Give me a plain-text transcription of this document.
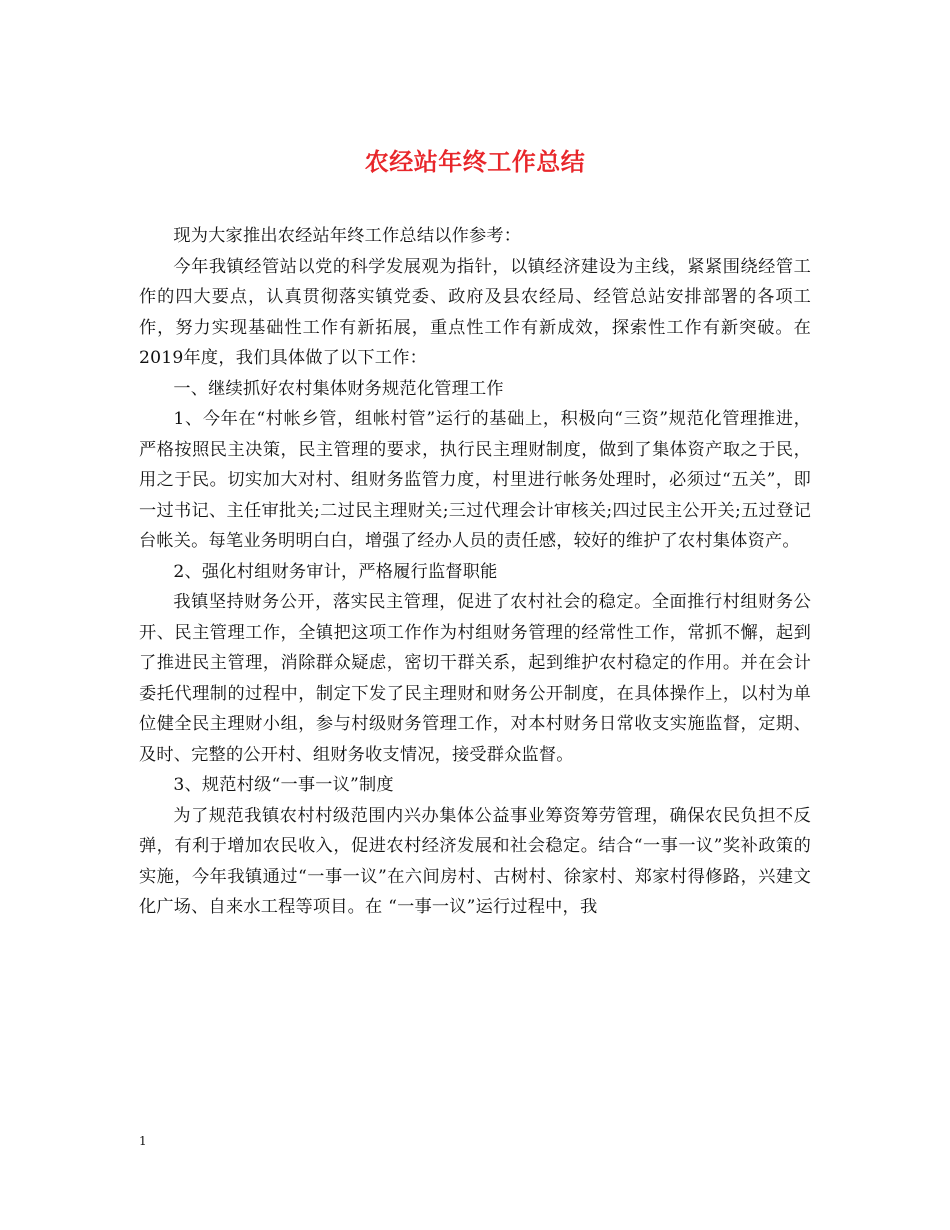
农经站年终工作总结

现为大家推出农经站年终工作总结以作参考：

今年我镇经管站以党的科学发展观为指针，以镇经济建设为主线，紧紧围绕经管工作的四大要点，认真贯彻落实镇党委、政府及县农经局、经管总站安排部署的各项工作，努力实现基础性工作有新拓展，重点性工作有新成效，探索性工作有新突破。在2019年度，我们具体做了以下工作：

一、继续抓好农村集体财务规范化管理工作

1、今年在“村帐乡管，组帐村管”运行的基础上，积极向“三资”规范化管理推进，严格按照民主决策，民主管理的要求，执行民主理财制度，做到了集体资产取之于民，用之于民。切实加大对村、组财务监管力度，村里进行帐务处理时，必须过“五关”，即一过书记、主任审批关;二过民主理财关;三过代理会计审核关;四过民主公开关;五过登记台帐关。每笔业务明明白白，增强了经办人员的责任感，较好的维护了农村集体资产。

2、强化村组财务审计，严格履行监督职能

我镇坚持财务公开，落实民主管理，促进了农村社会的稳定。全面推行村组财务公开、民主管理工作，全镇把这项工作作为村组财务管理的经常性工作，常抓不懈，起到了推进民主管理，消除群众疑虑，密切干群关系，起到维护农村稳定的作用。并在会计委托代理制的过程中，制定下发了民主理财和财务公开制度，在具体操作上，以村为单位健全民主理财小组，参与村级财务管理工作，对本村财务日常收支实施监督，定期、及时、完整的公开村、组财务收支情况，接受群众监督。

3、规范村级“一事一议”制度

为了规范我镇农村村级范围内兴办集体公益事业筹资筹劳管理，确保农民负担不反弹，有利于增加农民收入，促进农村经济发展和社会稳定。结合“一事一议”奖补政策的实施，今年我镇通过“一事一议”在六间房村、古树村、徐家村、郑家村得修路，兴建文化广场、自来水工程等项目。在 “一事一议”运行过程中，我

1
